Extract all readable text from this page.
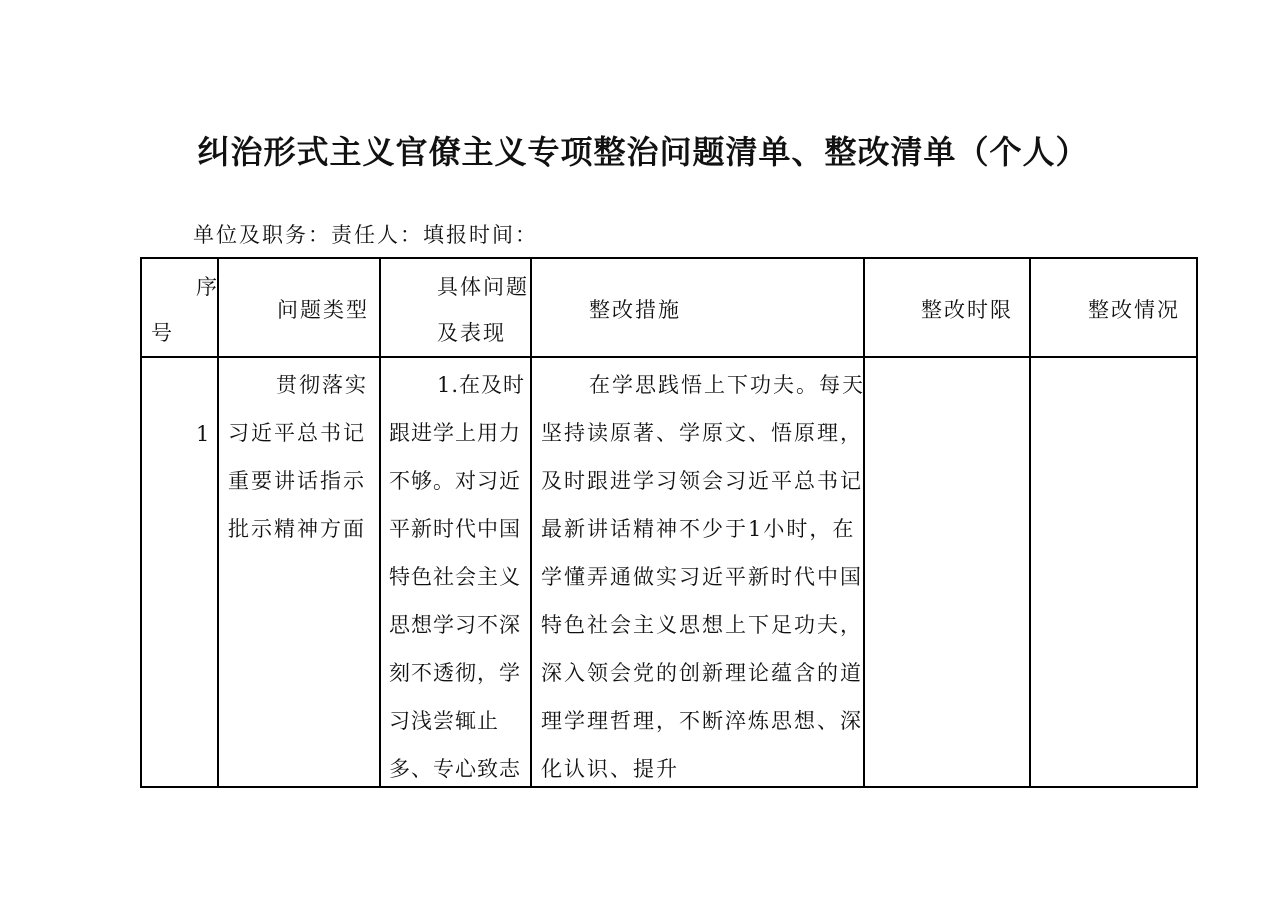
纠治形式主义官僚主义专项整治问题清单、整改清单（个人）
单位及职务：责任人：填报时间：
序
号
问题类型
具体问题
及表现
整改措施	整改时限	整改情况
1
贯彻落实习近平总书记重要讲话指示批示精神方面
1.在及时跟进学上用力不够。对习近平新时代中国特色社会主义思想学习不深刻不透彻，学习浅尝辄止多、专心致志
在学思践悟上下功夫。每天坚持读原著、学原文、悟原理，及时跟进学习领会习近平总书记最新讲话精神不少于1小时，在学懂弄通做实习近平新时代中国特色社会主义思想上下足功夫，深入领会党的创新理论蕴含的道理学理哲理，不断淬炼思想、深化认识、提升
